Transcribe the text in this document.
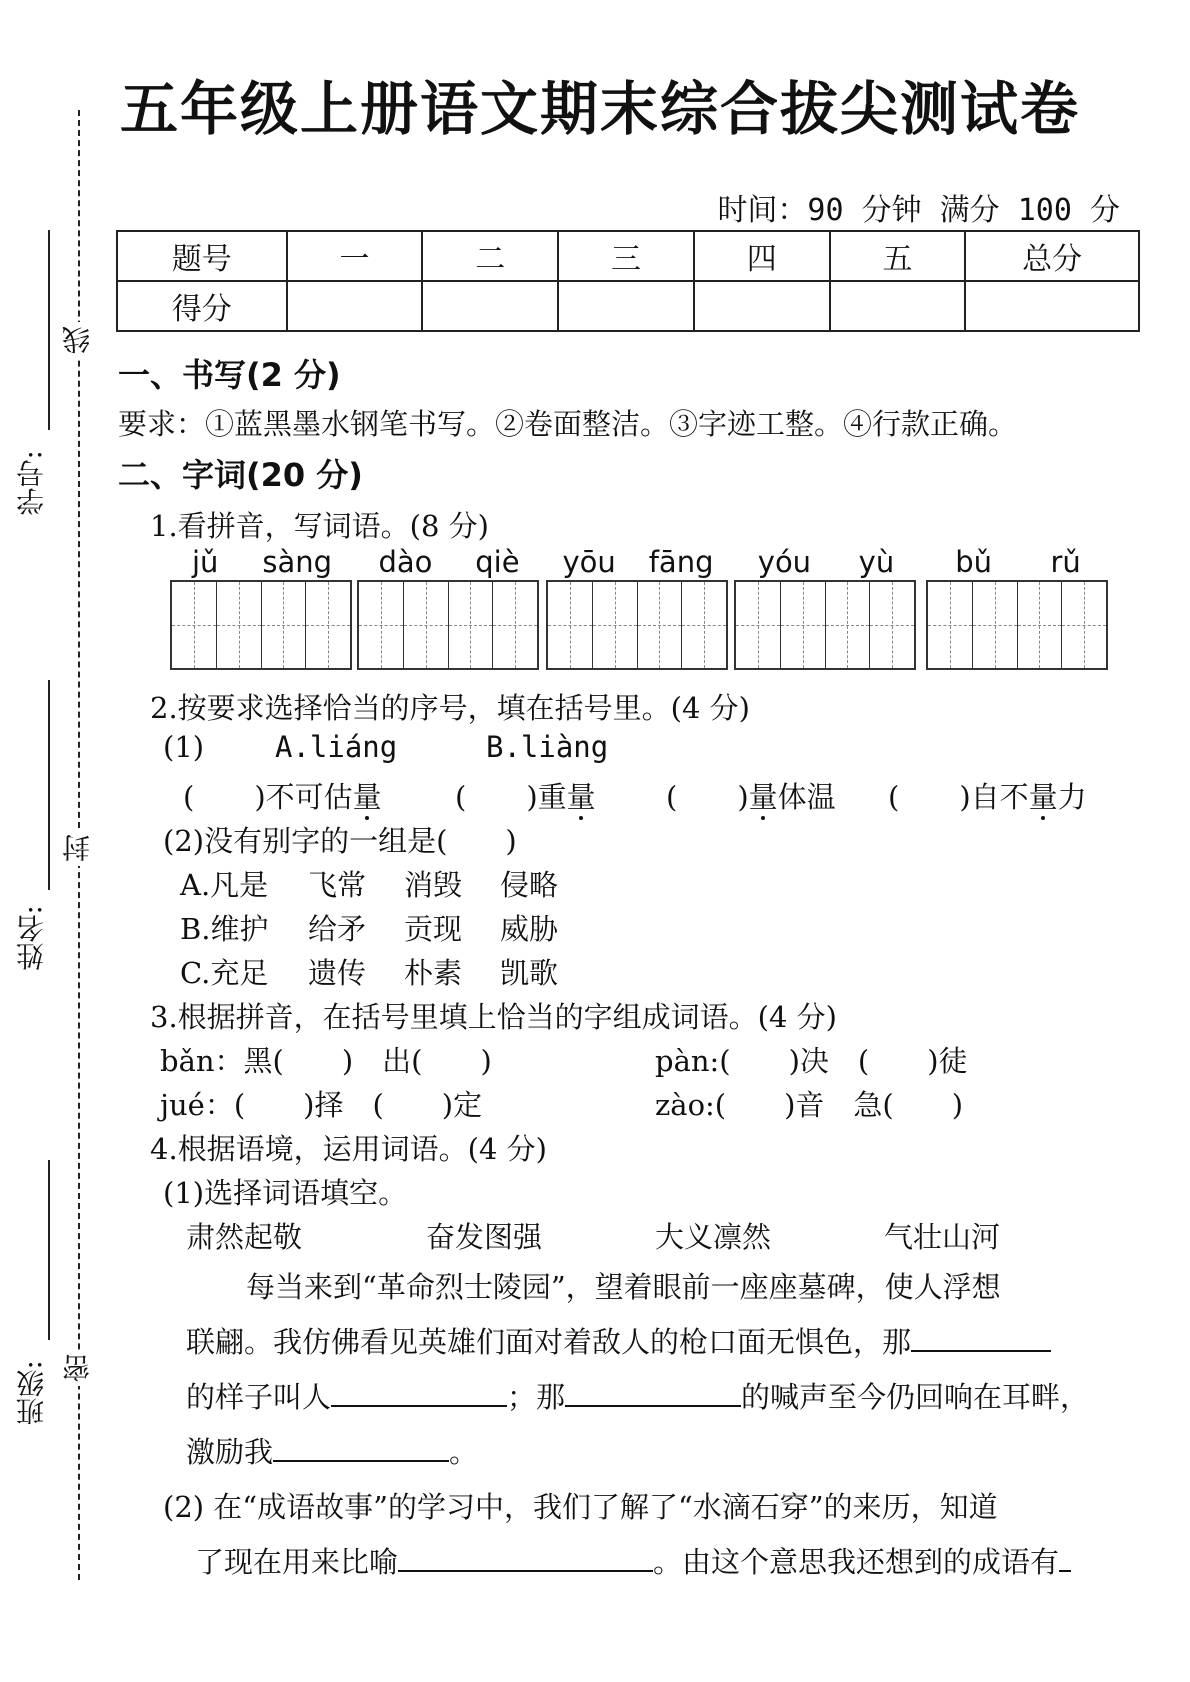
线
封
密
学号:
姓名:
班级:
五年级上册语文期末综合拔尖测试卷
时间：90 分钟 满分 100 分
题号	一	二	三	四	五	总分
得分						
一、书写(2 分)
要求：①蓝黑墨水钢笔书写。②卷面整洁。③字迹工整。④行款正确。
二、字词(20 分)
1.看拼音，写词语。(8 分)
jǔ sàng dào qiè yōu fāng yóu yù bǔ rǔ
2.按要求选择恰当的序号，填在括号里。(4 分)
(1) A.liáng	B.liàng
( )不可估量	( )重量 ( )量体温 ( )自不量力
(2)没有别字的一组是(　　)
A.凡是 飞常 消毁 侵略
B.维护 给矛 贡现 威胁
C.充足 遗传 朴素 凯歌
3.根据拼音，在括号里填上恰当的字组成词语。(4 分)
bǎn：黑(　　)　出(　　)	pàn:(　　)决　(　　)徒
jué：(　　)择　(　　)定	zào:(　　)音　急(　　)
4.根据语境，运用词语。(4 分)
(1)选择词语填空。
肃然起敬	奋发图强	大义凛然	气壮山河
每当来到“革命烈士陵园”，望着眼前一座座墓碑，使人浮想
联翩。我仿佛看见英雄们面对着敌人的枪口面无惧色，那
的样子叫人	；那	的喊声至今仍回响在耳畔，
激励我	。
(2) 在“成语故事”的学习中，我们了解了“水滴石穿”的来历，知道
了现在用来比喻	。由这个意思我还想到的成语有
